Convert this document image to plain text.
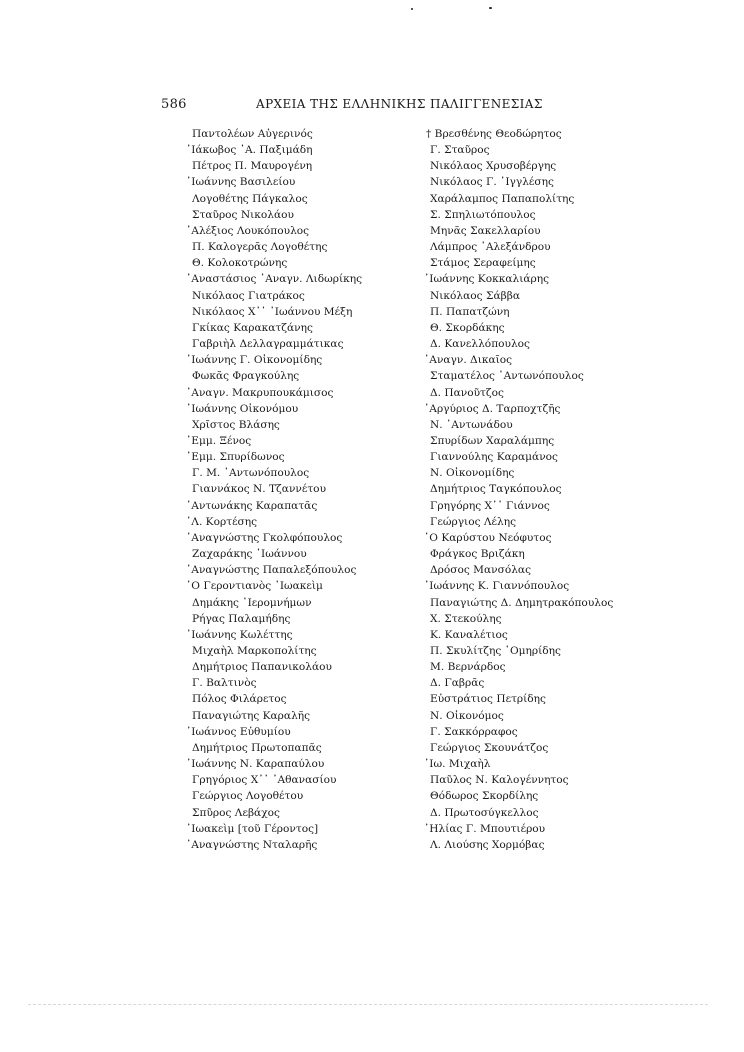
586	ΑΡΧΕΙΑ ΤΗΣ ΕΛΛΗΝΙΚΗΣ ΠΑΛΙΓΓΕΝΕΣΙΑΣ
Παντολέων Αὐγερινός
᾿Ιάκωβος ᾿Α. Παξιμάδη
Πέτρος Π. Μαυρογένη
᾿Ιωάννης Βασιλείου
Λογοθέτης Πάγκαλος
Σταῦρος Νικολάου
᾿Αλέξιος Λουκόπουλος
Π. Καλογερᾶς Λογοθέτης
Θ. Κολοκοτρώνης
᾿Αναστάσιος ᾿Αναγν. Λιδωρίκης
Νικόλαος Γιατράκος
Νικόλαος Χ᾿᾿ ᾿Ιωάννου Μέξη
Γκίκας Καρακατζάνης
Γαβριὴλ Δελλαγραμμάτικας
᾿Ιωάννης Γ. Οἰκονομίδης
Φωκᾶς Φραγκούλης
᾿Αναγν. Μακρυπουκάμισος
᾿Ιωάννης Οἰκονόμου
Χρῖστος Βλάσης
᾿Εμμ. Ξένος
᾿Εμμ. Σπυρίδωνος
Γ. Μ. ᾿Αντωνόπουλος
Γιαννάκος Ν. Τζαννέτου
᾿Αντωνάκης Καραπατᾶς
᾿Λ. Κορτέσης
᾿Αναγνώστης Γκολφόπουλος
Ζαχαράκης ᾿Ιωάννου
᾿Αναγνώστης Παπαλεξόπουλος
῾Ο Γεροντιανὸς ᾿Ιωακεὶμ
Δημάκης ῾Ιερομνήμων
Ρήγας Παλαμήδης
᾿Ιωάννης Κωλέττης
Μιχαὴλ Μαρκοπολίτης
Δημήτριος Παπανικολάου
Γ. Βαλτινὸς
Πόλος Φιλάρετος
Παναγιώτης Καραλῆς
᾿Ιωάννος Εὐθυμίου
Δημήτριος Πρωτοπαπᾶς
᾿Ιωάννης Ν. Καραπαύλου
Γρηγόριος Χ᾿᾿ ᾿Αθανασίου
Γεώργιος Λογοθέτου
Σπῦρος Λεβάχος
᾿Ιωακεὶμ [τοῦ Γέροντος]
᾿Αναγνώστης Νταλαρῆς
† Βρεσθένης Θεοδώρητος
Γ. Σταῦρος
Νικόλαος Χρυσοβέργης
Νικόλαος Γ. ᾿Ιγγλέσης
Χαράλαμπος Παπαπολίτης
Σ. Σπηλιωτόπουλος
Μηνᾶς Σακελλαρίου
Λάμπρος ᾿Αλεξάνδρου
Στάμος Σεραφείμης
᾿Ιωάννης Κοκκαλιάρης
Νικόλαος Σάββα
Π. Παπατζώνη
Θ. Σκορδάκης
Δ. Κανελλόπουλος
᾿Αναγν. Δικαῖος
Σταματέλος ᾿Αντωνόπουλος
Δ. Πανοῦτζος
᾿Αργύριος Δ. Ταρποχτζῆς
Ν. ᾿Αντωνάδου
Σπυρίδων Χαραλάμπης
Γιαννούλης Καραμάνος
Ν. Οἰκονομίδης
Δημήτριος Ταγκόπουλος
Γρηγόρης Χ᾿᾿ Γιάννος
Γεώργιος Λέλης
῾Ο Καρύστου Νεόφυτος
Φράγκος Βριζάκη
Δρόσος Μανσόλας
᾿Ιωάννης Κ. Γιαννόπουλος
Παναγιώτης Δ. Δημητρακόπουλος
Χ. Στεκούλης
Κ. Καναλέτιος
Π. Σκυλίτζης ῾Ομηρίδης
Μ. Βερνάρδος
Δ. Γαβρᾶς
Εὐστράτιος Πετρίδης
Ν. Οἰκονόμος
Γ. Σακκόρραφος
Γεώργιος Σκουνάτζος
᾿Ιω. Μιχαὴλ
Παῦλος Ν. Καλογέννητος
Θόδωρος Σκορδίλης
Δ. Πρωτοσύγκελλος
᾿Ηλίας Γ. Μπουτιέρου
Λ. Λιούσης Χορμόβας
